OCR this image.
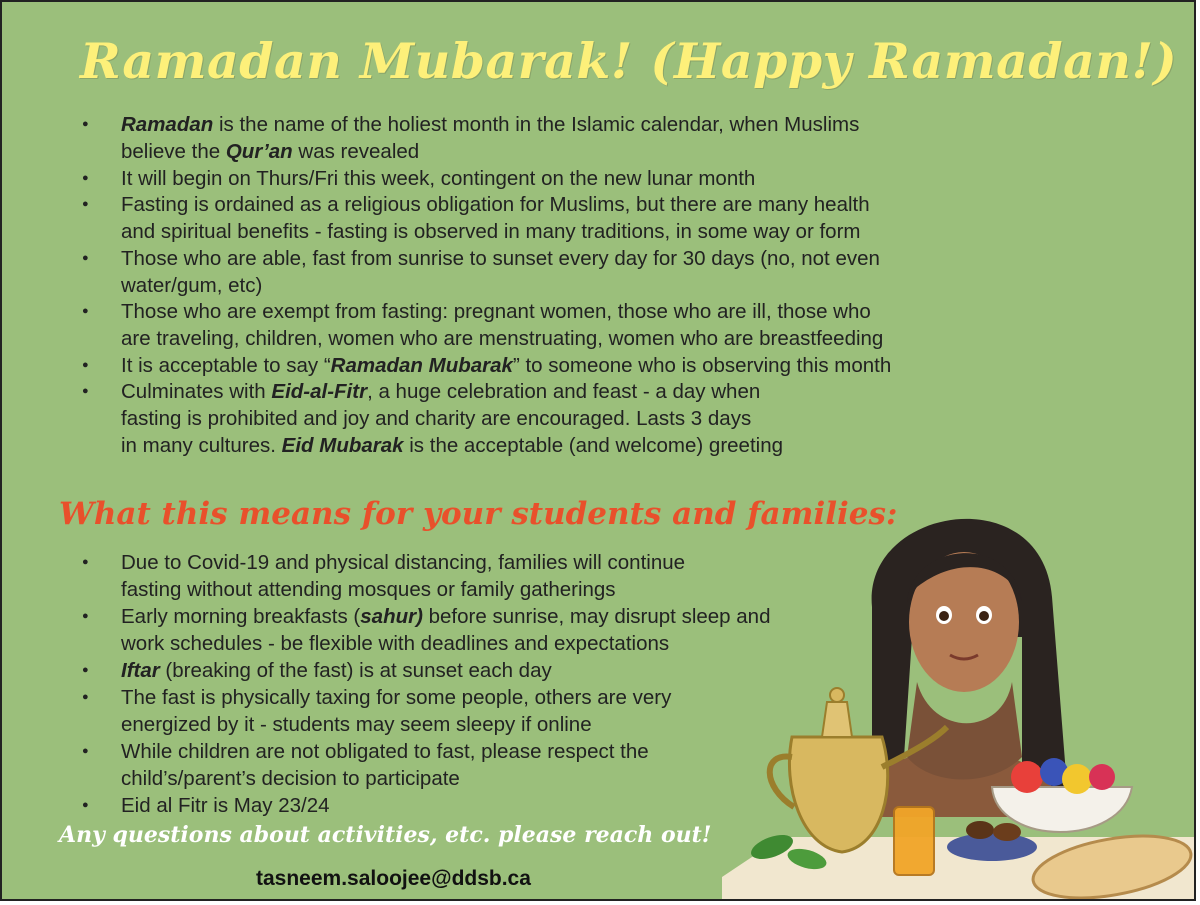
Ramadan Mubarak! (Happy Ramadan!)
● Ramadan is the name of the holiest month in the Islamic calendar, when Muslims
believe the Qur’an was revealed
● It will begin on Thurs/Fri this week, contingent on the new lunar month
● Fasting is ordained as a religious obligation for Muslims, but there are many health
and spiritual benefits - fasting is observed in many traditions, in some way or form
● Those who are able, fast from sunrise to sunset every day for 30 days (no, not even
water/gum, etc)
● Those who are exempt from fasting: pregnant women, those who are ill, those who
are traveling, children, women who are menstruating, women who are breastfeeding
● It is acceptable to say “Ramadan Mubarak” to someone who is observing this month
● Culminates with Eid-al-Fitr, a huge celebration and feast - a day when
fasting is prohibited and joy and charity are encouraged. Lasts 3 days
in many cultures. Eid Mubarak is the acceptable (and welcome) greeting
What this means for your students and families:
● Due to Covid-19 and physical distancing, families will continue
fasting without attending mosques or family gatherings
● Early morning breakfasts (sahur) before sunrise, may disrupt sleep and
work schedules - be flexible with deadlines and expectations
● Iftar (breaking of the fast) is at sunset each day
● The fast is physically taxing for some people, others are very
energized by it - students may seem sleepy if online
● While children are not obligated to fast, please respect the
child’s/parent’s decision to participate
● Eid al Fitr is May 23/24
Any questions about activities, etc. please reach out!
tasneem.saloojee@ddsb.ca
